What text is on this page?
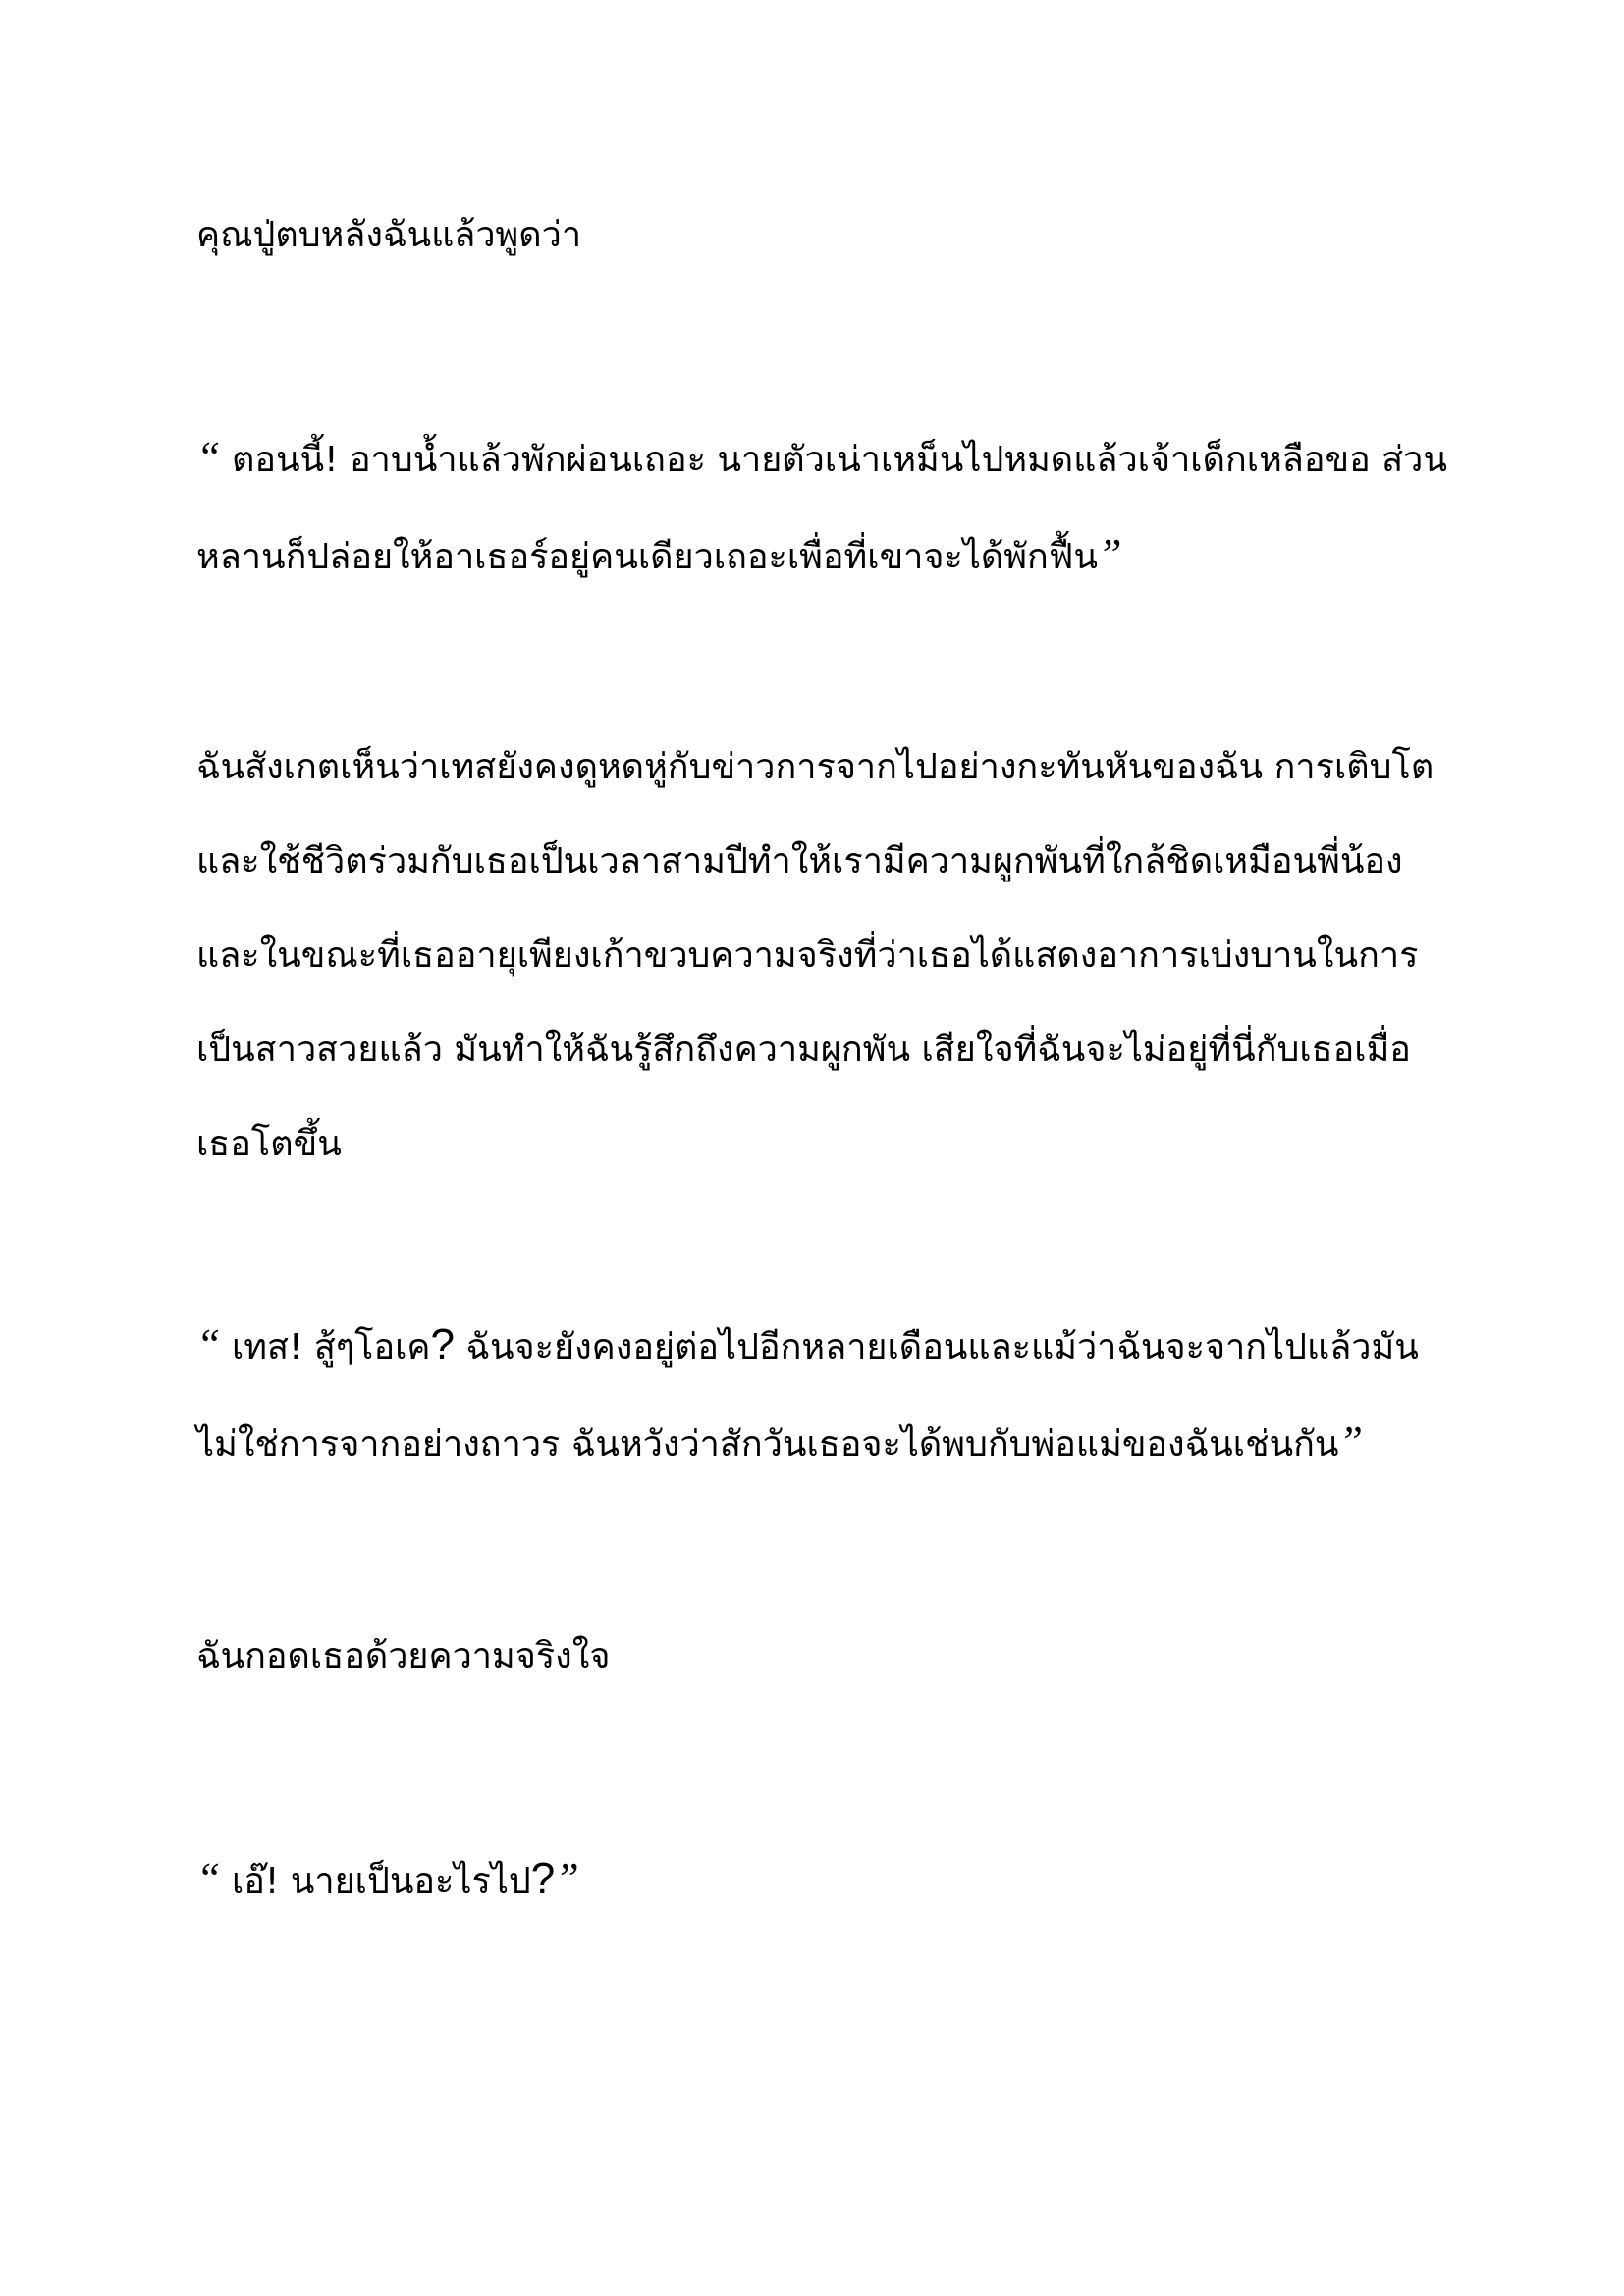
คุณปู่ตบหลังฉันแล้วพูดว่า

“ ตอนนี้! อาบน้ำแล้วพักผ่อนเถอะ นายตัวเน่าเหม็นไปหมดแล้วเจ้าเด็กเหลือขอ ส่วน
หลานก็ปล่อยให้อาเธอร์อยู่คนเดียวเถอะเพื่อที่เขาจะได้พักฟื้น”

ฉันสังเกตเห็นว่าเทสยังคงดูหดหู่กับข่าวการจากไปอย่างกะทันหันของฉัน การเติบโต
และใช้ชีวิตร่วมกับเธอเป็นเวลาสามปีทำให้เรามีความผูกพันที่ใกล้ชิดเหมือนพี่น้อง
และในขณะที่เธออายุเพียงเก้าขวบความจริงที่ว่าเธอได้แสดงอาการเบ่งบานในการ
เป็นสาวสวยแล้ว มันทำให้ฉันรู้สึกถึงความผูกพัน เสียใจที่ฉันจะไม่อยู่ที่นี่กับเธอเมื่อ
เธอโตขึ้น

“ เทส! สู้ๆโอเค? ฉันจะยังคงอยู่ต่อไปอีกหลายเดือนและแม้ว่าฉันจะจากไปแล้วมัน
ไม่ใช่การจากอย่างถาวร ฉันหวังว่าสักวันเธอจะได้พบกับพ่อแม่ของฉันเช่นกัน”

ฉันกอดเธอด้วยความจริงใจ

“ เอ๊! นายเป็นอะไรไป?”
